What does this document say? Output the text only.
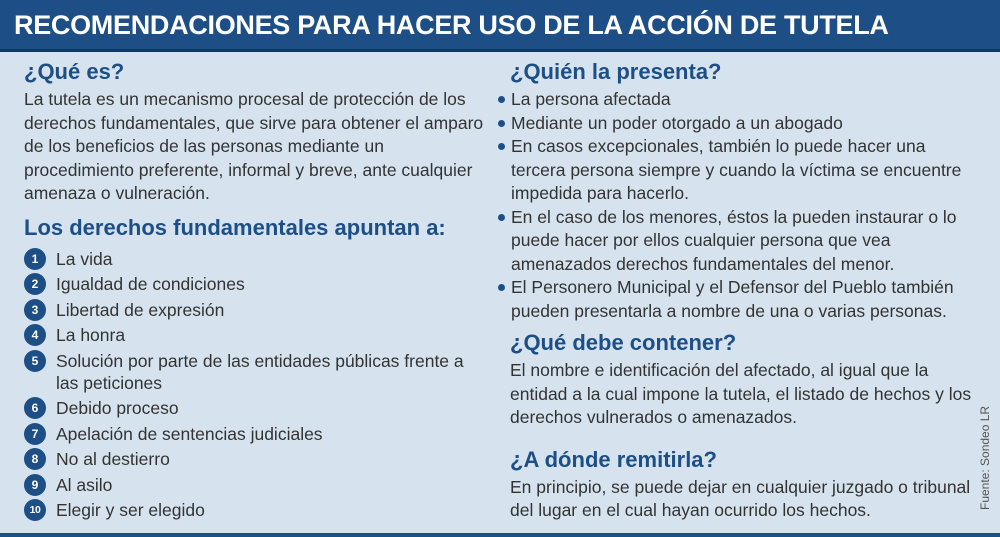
RECOMENDACIONES PARA HACER USO DE LA ACCIÓN DE TUTELA
¿Qué es?

La tutela es un mecanismo procesal de protección de los derechos fundamentales, que sirve para obtener el amparo de los beneficios de las personas mediante un procedimiento preferente, informal y breve, ante cualquier amenaza o vulneración.

Los derechos fundamentales apuntan a:
1	La vida
2	Igualdad de condiciones
3	Libertad de expresión
4	La honra
5	Solución por parte de las entidades públicas frente a las peticiones
6	Debido proceso
7	Apelación de sentencias judiciales
8	No al destierro
9	Al asilo
10 Elegir y ser elegido
¿Quién la presenta?
La persona afectada
Mediante un poder otorgado a un abogado
En casos excepcionales, también lo puede hacer una tercera persona siempre y cuando la víctima se encuentre impedida para hacerlo.
En el caso de los menores, éstos la pueden instaurar o lo puede hacer por ellos cualquier persona que vea amenazados derechos fundamentales del menor.
El Personero Municipal y el Defensor del Pueblo también pueden presentarla a nombre de una o varias personas.
¿Qué debe contener?

El nombre e identificación del afectado, al igual que la entidad a la cual impone la tutela, el listado de hechos y los derechos vulnerados o amenazados.

¿A dónde remitirla?

En principio, se puede dejar en cualquier juzgado o tribunal del lugar en el cual hayan ocurrido los hechos.	Fuente: Sondeo LR
